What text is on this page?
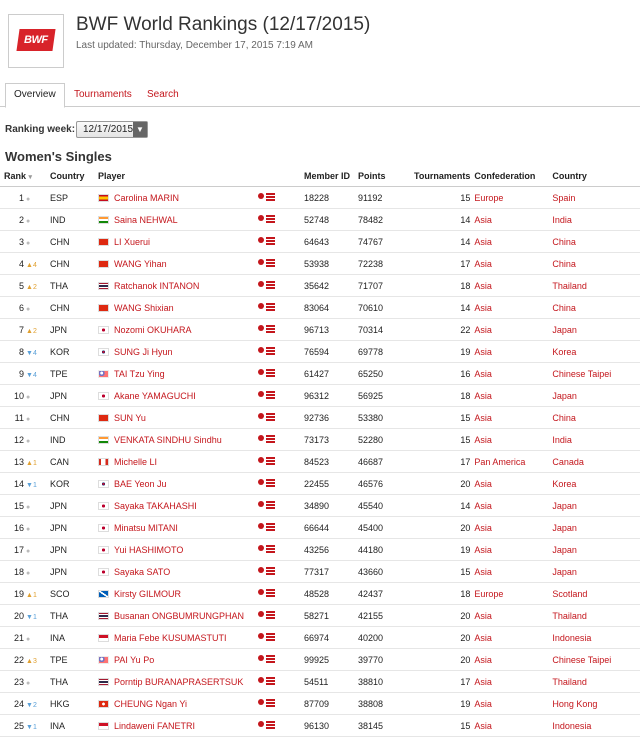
BWF
BWF World Rankings (12/17/2015)
Last updated: Thursday, December 17, 2015 7:19 AM
Overview	Tournaments	Search
Ranking week: 12/17/2015 ▼
Women's Singles
Rank ▾	Country	Player		Member ID	Points	Tournaments	Confederation	Country
1 ●	ESP	Carolina MARIN		18228	91192	15	Europe	Spain
2 ●	IND	Saina NEHWAL		52748	78482	14	Asia	India
3 ●	CHN	LI Xuerui		64643	74767	14	Asia	China
4 ▲4	CHN	WANG Yihan		53938	72238	17	Asia	China
5 ▲2	THA	Ratchanok INTANON		35642	71707	18	Asia	Thailand
6 ●	CHN	WANG Shixian		83064	70610	14	Asia	China
7 ▲2	JPN	Nozomi OKUHARA		96713	70314	22	Asia	Japan
8 ▼4	KOR	SUNG Ji Hyun		76594	69778	19	Asia	Korea
9 ▼4	TPE	TAI Tzu Ying		61427	65250	16	Asia	Chinese Taipei
10 ●	JPN	Akane YAMAGUCHI		96312	56925	18	Asia	Japan
11 ●	CHN	SUN Yu		92736	53380	15	Asia	China
12 ●	IND	VENKATA SINDHU Sindhu		73173	52280	15	Asia	India
13 ▲1	CAN	Michelle LI		84523	46687	17	Pan America	Canada
14 ▼1	KOR	BAE Yeon Ju		22455	46576	20	Asia	Korea
15 ●	JPN	Sayaka TAKAHASHI		34890	45540	14	Asia	Japan
16 ●	JPN	Minatsu MITANI		66644	45400	20	Asia	Japan
17 ●	JPN	Yui HASHIMOTO		43256	44180	19	Asia	Japan
18 ●	JPN	Sayaka SATO		77317	43660	15	Asia	Japan
19 ▲1	SCO	Kirsty GILMOUR		48528	42437	18	Europe	Scotland
20 ▼1	THA	Busanan ONGBUMRUNGPHAN		58271	42155	20	Asia	Thailand
21 ●	INA	Maria Febe KUSUMASTUTI		66974	40200	20	Asia	Indonesia
22 ▲3	TPE	PAI Yu Po		99925	39770	20	Asia	Chinese Taipei
23 ●	THA	Porntip BURANAPRASERTSUK		54511	38810	17	Asia	Thailand
24 ▼2	HKG	CHEUNG Ngan Yi		87709	38808	19	Asia	Hong Kong
25 ▼1	INA	Lindaweni FANETRI		96130	38145	15	Asia	Indonesia
